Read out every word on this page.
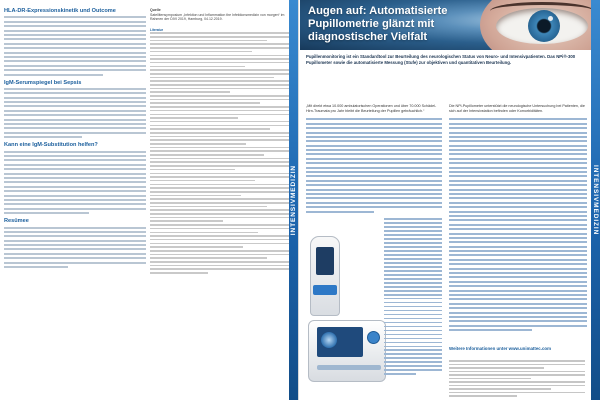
HLA-DR-Expressionskinetik und Outcome
IgM-Serumspiegel bei Sepsis
Kann eine IgM-Substitution helfen?
Resümee
Quelle
Satellitensymposium „Infektion und Inflammation the Infektionsmedizin von morgen“ im Rahmen der DIVI 2019, Hamburg, 04.12.2019.
Literatur
INTENSIVMEDIZIN
Augen auf: Automatisierte Pupillometrie glänzt mit diagnostischer Vielfalt

Pupillenmonitoring ist ein Standardtool zur Beurteilung des neurologischen Status von Neuro- und Intensivpatienten. Das NPi®-300 Pupillometer sowie die automatisierte Messung (Stufe) zur objektiven und quantitativen Beurteilung.

„Mit direkt etwa 10.000 ambulatorischen Operationen und über 70.000 Schädel-Hirn-Traumata pro Jahr bleibt die Beurteilung der Pupillen gebräuchlich.“

Die NPi-Pupillometer unterstützt die neurologische Untersuchung bei Patienten, die sich auf der Intensivstation befinden oder Komorbiditäten.

Weitere Informationen unter www.unimattec.com
INTENSIVMEDIZIN
